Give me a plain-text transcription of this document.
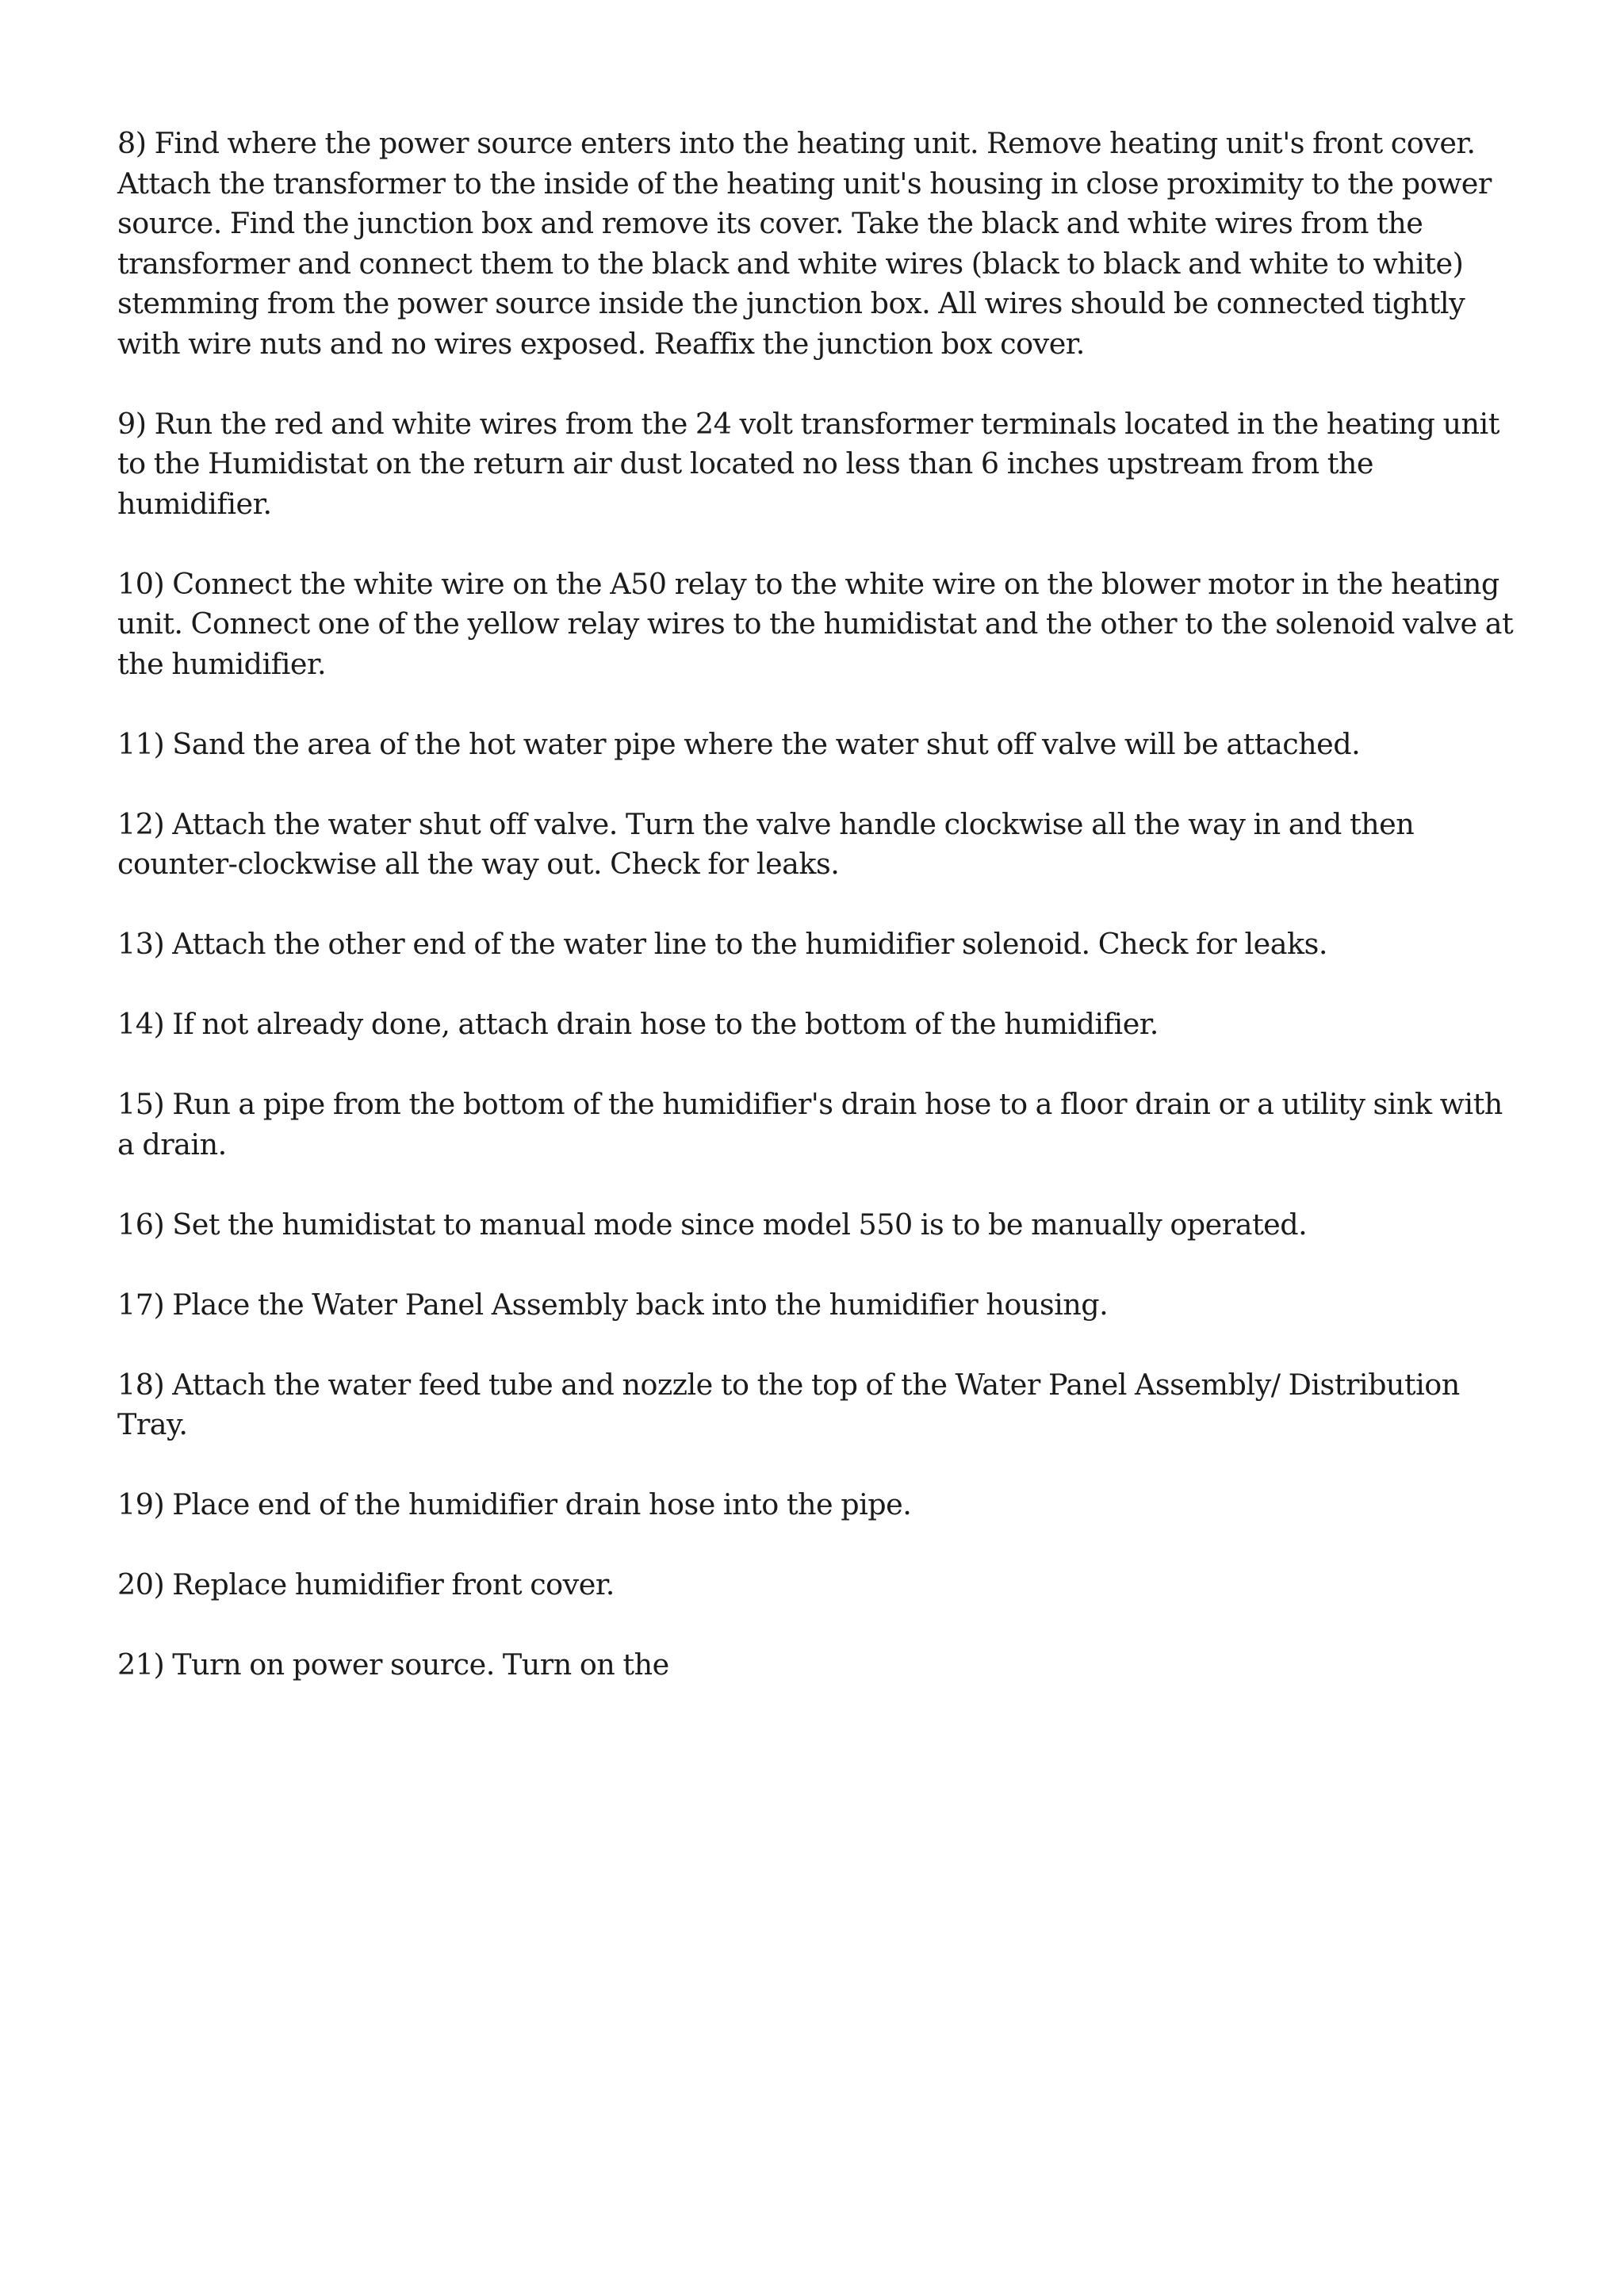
8) Find where the power source enters into the heating unit. Remove heating unit's front cover. Attach the transformer to the inside of the heating unit's housing in close proximity to the power source. Find the junction box and remove its cover. Take the black and white wires from the transformer and connect them to the black and white wires (black to black and white to white) stemming from the power source inside the junction box. All wires should be connected tightly with wire nuts and no wires exposed. Reaffix the junction box cover.

9) Run the red and white wires from the 24 volt transformer terminals located in the heating unit to the Humidistat on the return air dust located no less than 6 inches upstream from the humidifier.

10) Connect the white wire on the A50 relay to the white wire on the blower motor in the heating unit. Connect one of the yellow relay wires to the humidistat and the other to the solenoid valve at the humidifier.

11) Sand the area of the hot water pipe where the water shut off valve will be attached.

12) Attach the water shut off valve. Turn the valve handle clockwise all the way in and then counter-clockwise all the way out. Check for leaks.

13) Attach the other end of the water line to the humidifier solenoid. Check for leaks.

14) If not already done, attach drain hose to the bottom of the humidifier.

15) Run a pipe from the bottom of the humidifier's drain hose to a floor drain or a utility sink with a drain.

16) Set the humidistat to manual mode since model 550 is to be manually operated.

17) Place the Water Panel Assembly back into the humidifier housing.

18) Attach the water feed tube and nozzle to the top of the Water Panel Assembly/ Distribution Tray.

19) Place end of the humidifier drain hose into the pipe.

20) Replace humidifier front cover.

21) Turn on power source. Turn on the
